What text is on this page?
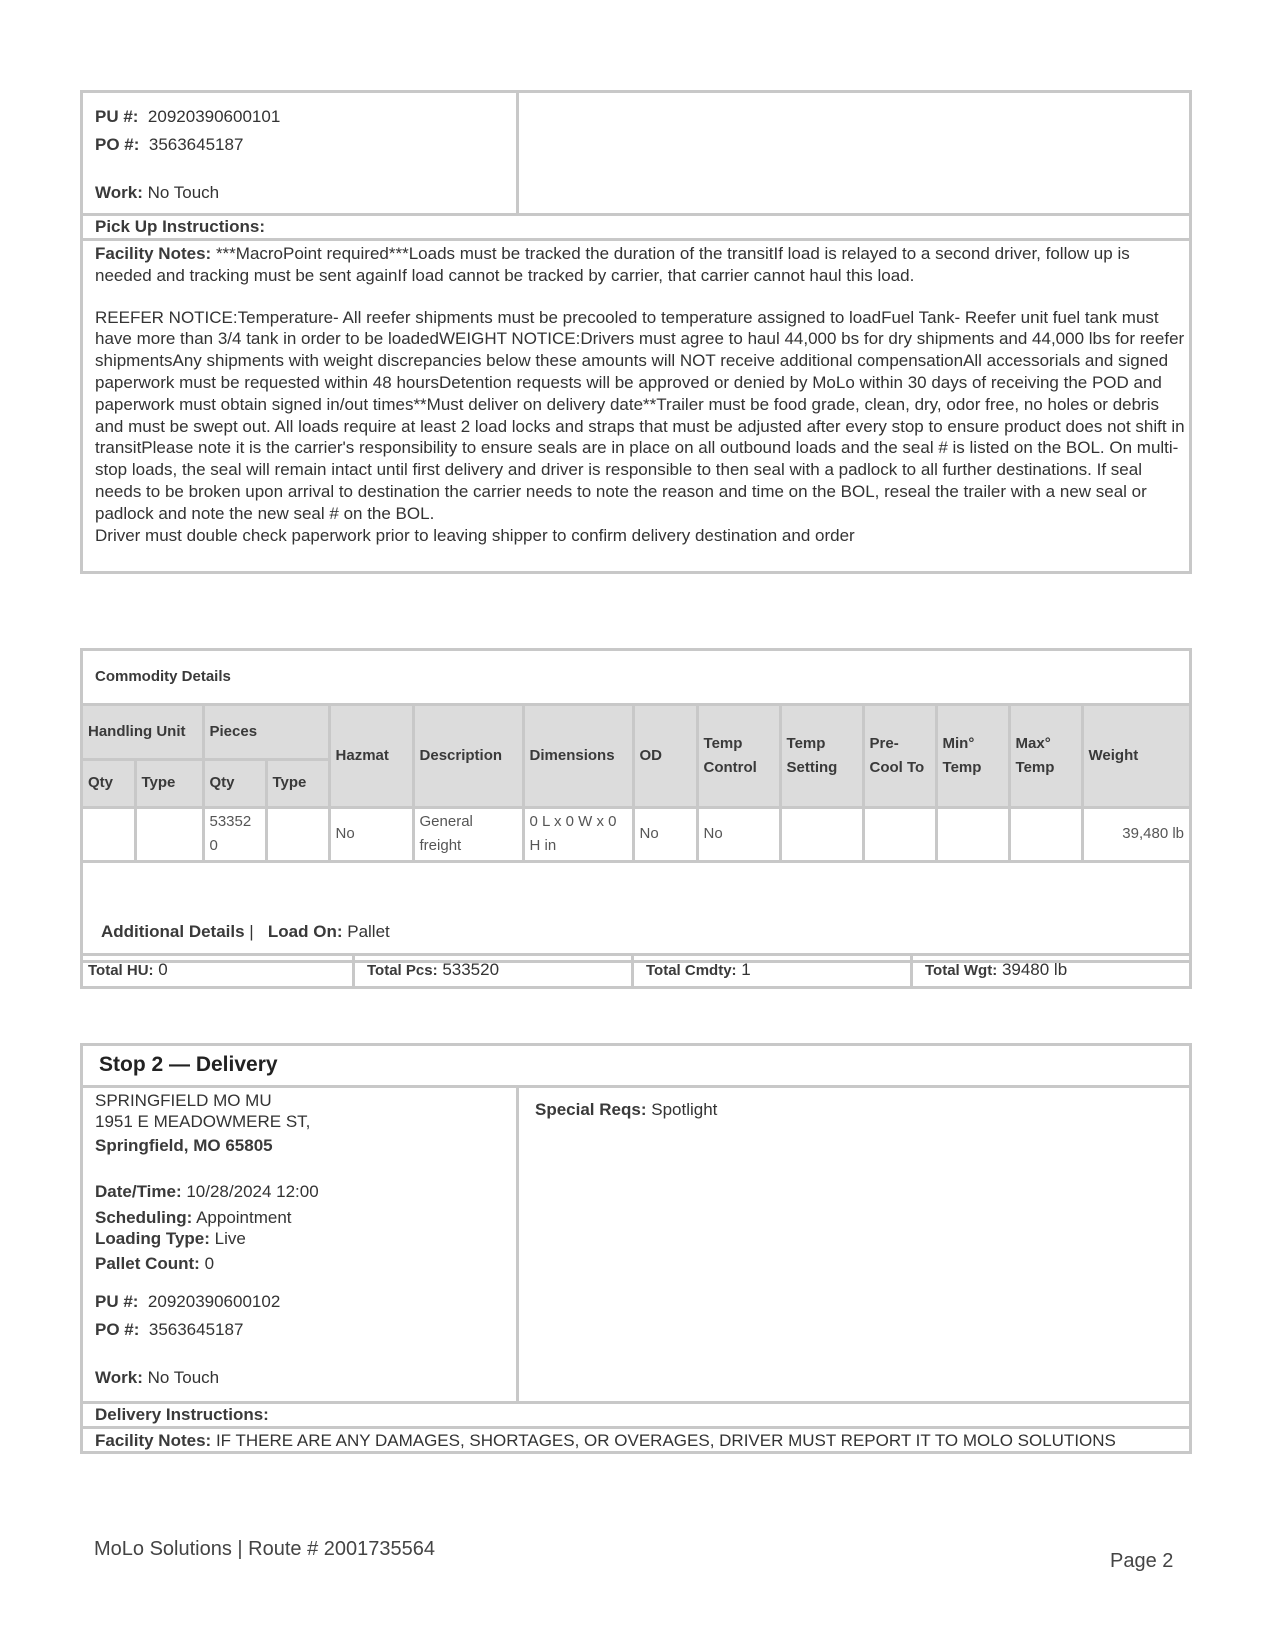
PU #: 20920390600101
PO #: 3563645187
Work: No Touch
Pick Up Instructions:

Facility Notes: ***MacroPoint required***Loads must be tracked the duration of the transitIf load is relayed to a second driver, follow up is needed and tracking must be sent againIf load cannot be tracked by carrier, that carrier cannot haul this load.

REEFER NOTICE:Temperature- All reefer shipments must be precooled to temperature assigned to loadFuel Tank- Reefer unit fuel tank must have more than 3/4 tank in order to be loadedWEIGHT NOTICE:Drivers must agree to haul 44,000 bs for dry shipments and 44,000 lbs for reefer shipmentsAny shipments with weight discrepancies below these amounts will NOT receive additional compensationAll accessorials and signed paperwork must be requested within 48 hoursDetention requests will be approved or denied by MoLo within 30 days of receiving the POD and paperwork must obtain signed in/out times**Must deliver on delivery date**Trailer must be food grade, clean, dry, odor free, no holes or debris and must be swept out. All loads require at least 2 load locks and straps that must be adjusted after every stop to ensure product does not shift in transitPlease note it is the carrier's responsibility to ensure seals are in place on all outbound loads and the seal # is listed on the BOL. On multi-stop loads, the seal will remain intact until first delivery and driver is responsible to then seal with a padlock to all further destinations. If seal needs to be broken upon arrival to destination the carrier needs to note the reason and time on the BOL, reseal the trailer with a new seal or padlock and note the new seal # on the BOL.

Driver must double check paperwork prior to leaving shipper to confirm delivery destination and order

Commodity Details
Handling Unit		Pieces		Hazmat	Description	Dimensions	OD	Temp Control	Temp Setting	Pre-Cool To	Min° Temp	Max° Temp	Weight
Qty	Type	Qty	Type										
		533520		No	General freight	0 L x 0 W x 0 H in	No	No					39,480 lb
Additional Details |   Load On: Pallet
Total HU: 0	Total Pcs: 533520	Total Cmdty: 1	Total Wgt: 39480 lb
Stop 2 — Delivery
SPRINGFIELD MO MU
1951 E MEADOWMERE ST,
Springfield, MO 65805
Date/Time: 10/28/2024 12:00
Scheduling: Appointment
Loading Type: Live
Pallet Count: 0
PU #: 20920390600102
PO #: 3563645187
Work: No Touch
Special Reqs: Spotlight
Delivery Instructions:
Facility Notes: IF THERE ARE ANY DAMAGES, SHORTAGES, OR OVERAGES, DRIVER MUST REPORT IT TO MOLO SOLUTIONS
MoLo Solutions | Route # 2001735564
Page 2
